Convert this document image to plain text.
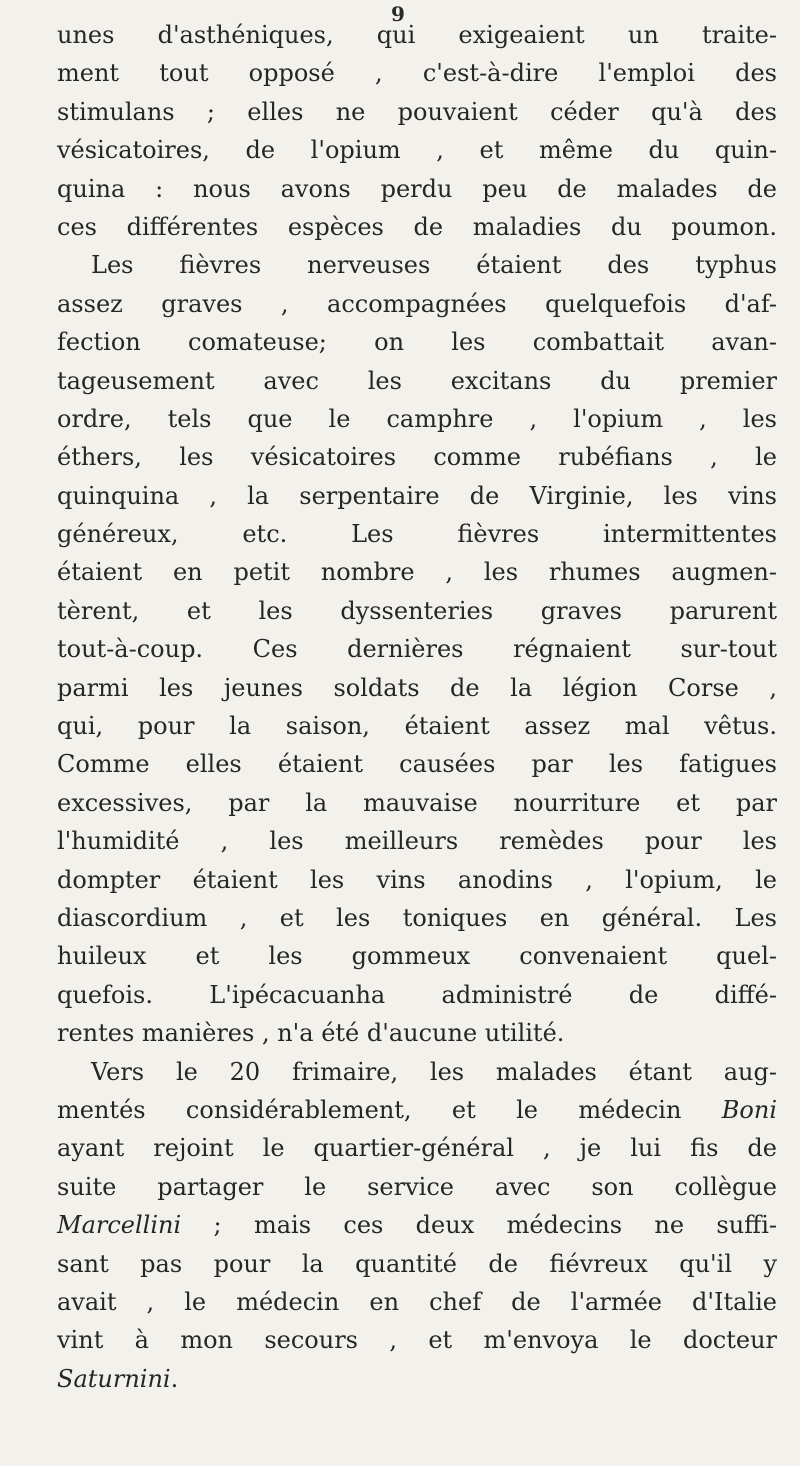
9
unes d'asthéniques, qui exigeaient un traite-
ment tout opposé , c'est-à-dire l'emploi des
stimulans ; elles ne pouvaient céder qu'à des
vésicatoires, de l'opium , et même du quin-
quina : nous avons perdu peu de malades de
ces différentes espèces de maladies du poumon.
Les fièvres nerveuses étaient des typhus
assez graves , accompagnées quelquefois d'af-
fection comateuse; on les combattait avan-
tageusement avec les excitans du premier
ordre, tels que le camphre , l'opium , les
éthers, les vésicatoires comme rubéfians , le
quinquina , la serpentaire de Virginie, les vins
généreux, etc. Les fièvres intermittentes
étaient en petit nombre , les rhumes augmen-
tèrent, et les dyssenteries graves parurent
tout-à-coup. Ces dernières régnaient sur-tout
parmi les jeunes soldats de la légion Corse ,
qui, pour la saison, étaient assez mal vêtus.
Comme elles étaient causées par les fatigues
excessives, par la mauvaise nourriture et par
l'humidité , les meilleurs remèdes pour les
dompter étaient les vins anodins , l'opium, le
diascordium , et les toniques en général. Les
huileux et les gommeux convenaient quel-
quefois. L'ipécacuanha administré de diffé-
rentes manières , n'a été d'aucune utilité.
Vers le 20 frimaire, les malades étant aug-
mentés considérablement, et le médecin Boni
ayant rejoint le quartier-général , je lui fis de
suite partager le service avec son collègue
Marcellini ; mais ces deux médecins ne suffi-
sant pas pour la quantité de fiévreux qu'il y
avait , le médecin en chef de l'armée d'Italie
vint à mon secours , et m'envoya le docteur
Saturnini.
